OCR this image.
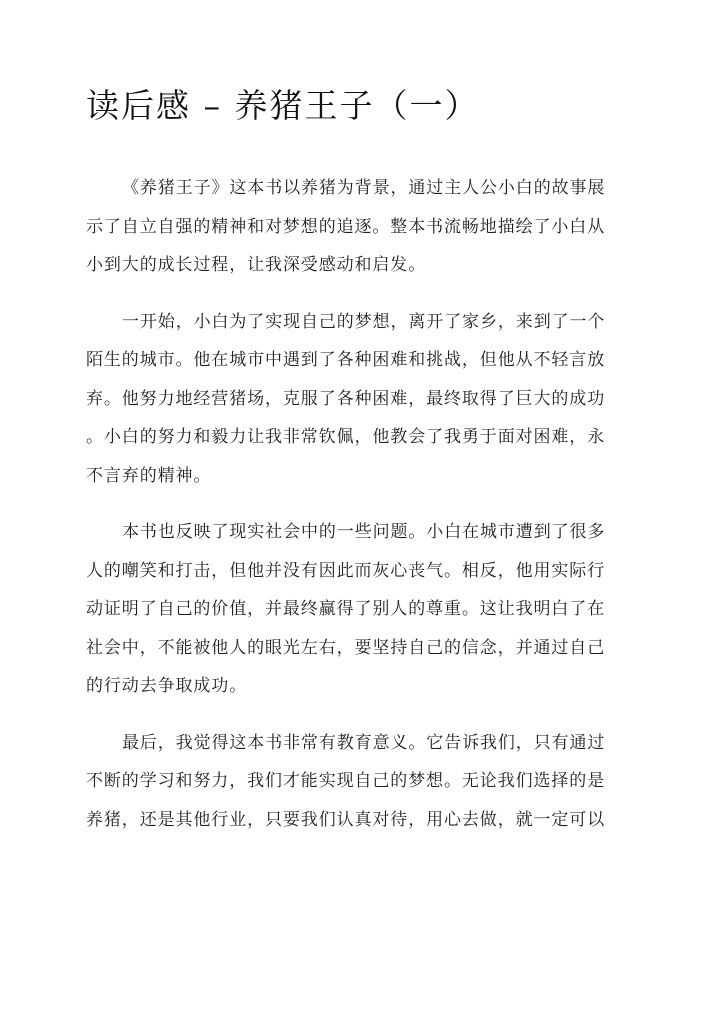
读后感 – 养猪王子（一）

《养猪王子》这本书以养猪为背景，通过主人公小白的故事展
示了自立自强的精神和对梦想的追逐。整本书流畅地描绘了小白从
小到大的成长过程，让我深受感动和启发。

一开始，小白为了实现自己的梦想，离开了家乡，来到了一个
陌生的城市。他在城市中遇到了各种困难和挑战，但他从不轻言放
弃。他努力地经营猪场，克服了各种困难，最终取得了巨大的成功
。小白的努力和毅力让我非常钦佩，他教会了我勇于面对困难，永
不言弃的精神。

本书也反映了现实社会中的一些问题。小白在城市遭到了很多
人的嘲笑和打击，但他并没有因此而灰心丧气。相反，他用实际行
动证明了自己的价值，并最终赢得了别人的尊重。这让我明白了在
社会中，不能被他人的眼光左右，要坚持自己的信念，并通过自己
的行动去争取成功。

最后，我觉得这本书非常有教育意义。它告诉我们，只有通过
不断的学习和努力，我们才能实现自己的梦想。无论我们选择的是
养猪，还是其他行业，只要我们认真对待，用心去做，就一定可以
